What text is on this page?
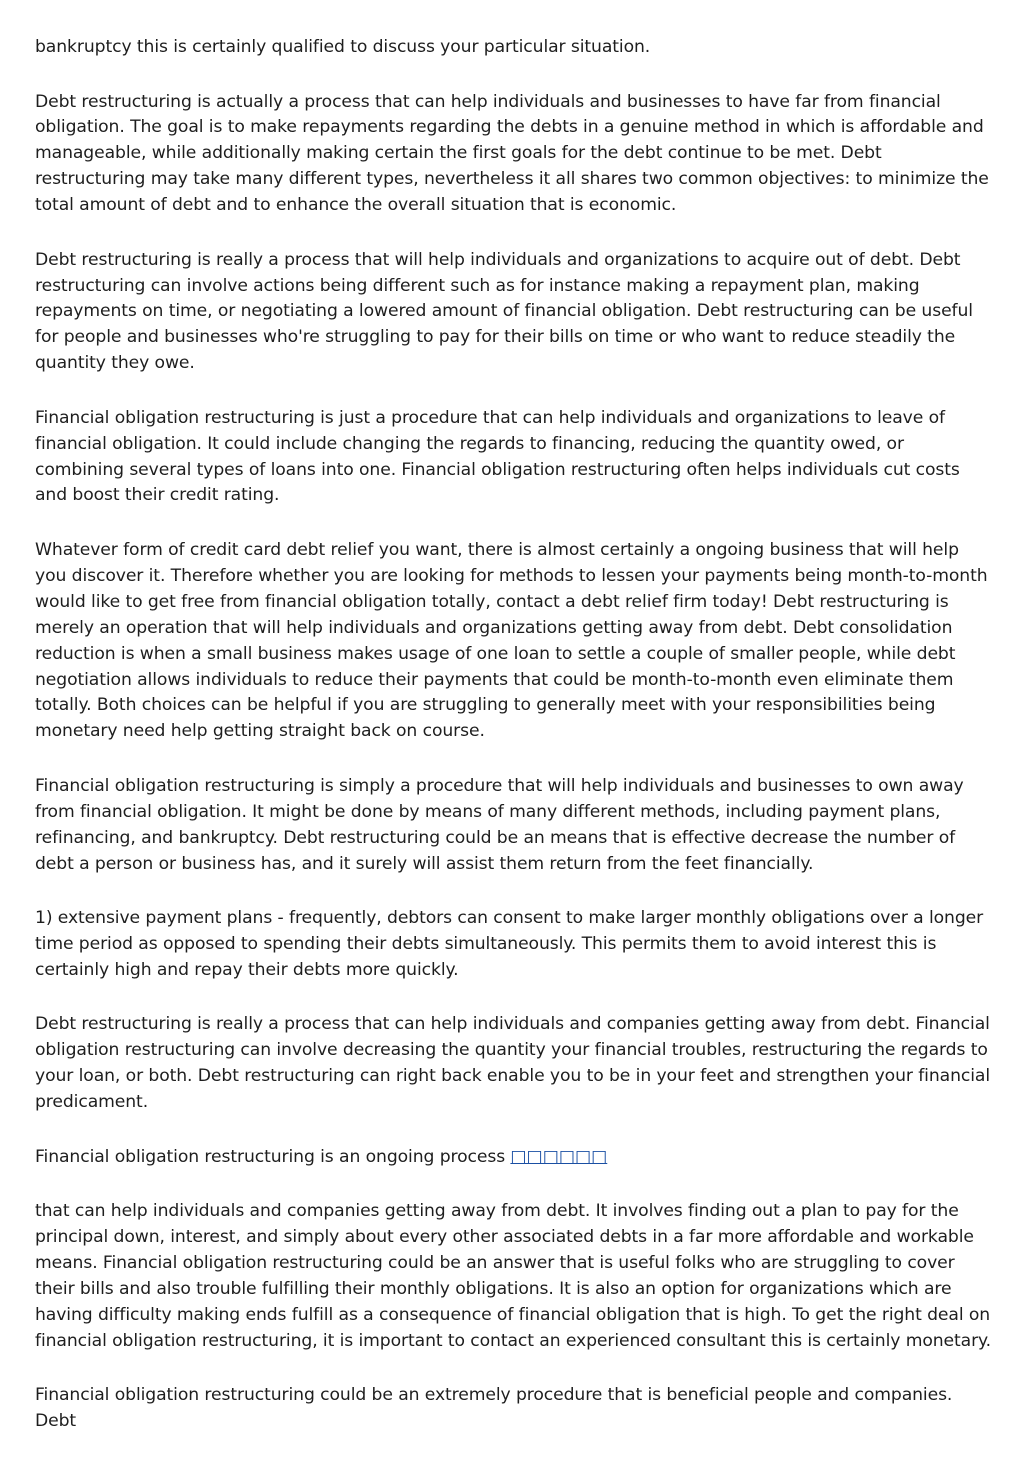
bankruptcy this is certainly qualified to discuss your particular situation.

Debt restructuring is actually a process that can help individuals and businesses to have far from financial obligation. The goal is to make repayments regarding the debts in a genuine method in which is affordable and manageable, while additionally making certain the first goals for the debt continue to be met. Debt restructuring may take many different types, nevertheless it all shares two common objectives: to minimize the total amount of debt and to enhance the overall situation that is economic.

Debt restructuring is really a process that will help individuals and organizations to acquire out of debt. Debt restructuring can involve actions being different such as for instance making a repayment plan, making repayments on time, or negotiating a lowered amount of financial obligation. Debt restructuring can be useful for people and businesses who're struggling to pay for their bills on time or who want to reduce steadily the quantity they owe.

Financial obligation restructuring is just a procedure that can help individuals and organizations to leave of financial obligation. It could include changing the regards to financing, reducing the quantity owed, or combining several types of loans into one. Financial obligation restructuring often helps individuals cut costs and boost their credit rating.

Whatever form of credit card debt relief you want, there is almost certainly a ongoing business that will help you discover it. Therefore whether you are looking for methods to lessen your payments being month-to-month would like to get free from financial obligation totally, contact a debt relief firm today! Debt restructuring is merely an operation that will help individuals and organizations getting away from debt. Debt consolidation reduction is when a small business makes usage of one loan to settle a couple of smaller people, while debt negotiation allows individuals to reduce their payments that could be month-to-month even eliminate them totally. Both choices can be helpful if you are struggling to generally meet with your responsibilities being monetary need help getting straight back on course.

Financial obligation restructuring is simply a procedure that will help individuals and businesses to own away from financial obligation. It might be done by means of many different methods, including payment plans, refinancing, and bankruptcy. Debt restructuring could be an means that is effective decrease the number of debt a person or business has, and it surely will assist them return from the feet financially.

1) extensive payment plans - frequently, debtors can consent to make larger monthly obligations over a longer time period as opposed to spending their debts simultaneously. This permits them to avoid interest this is certainly high and repay their debts more quickly.

Debt restructuring is really a process that can help individuals and companies getting away from debt. Financial obligation restructuring can involve decreasing the quantity your financial troubles, restructuring the regards to your loan, or both. Debt restructuring can right back enable you to be in your feet and strengthen your financial predicament.

Financial obligation restructuring is an ongoing process □□□□□□

that can help individuals and companies getting away from debt. It involves finding out a plan to pay for the principal down, interest, and simply about every other associated debts in a far more affordable and workable means. Financial obligation restructuring could be an answer that is useful folks who are struggling to cover their bills and also trouble fulfilling their monthly obligations. It is also an option for organizations which are having difficulty making ends fulfill as a consequence of financial obligation that is high. To get the right deal on financial obligation restructuring, it is important to contact an experienced consultant this is certainly monetary.

Financial obligation restructuring could be an extremely procedure that is beneficial people and companies. Debt
